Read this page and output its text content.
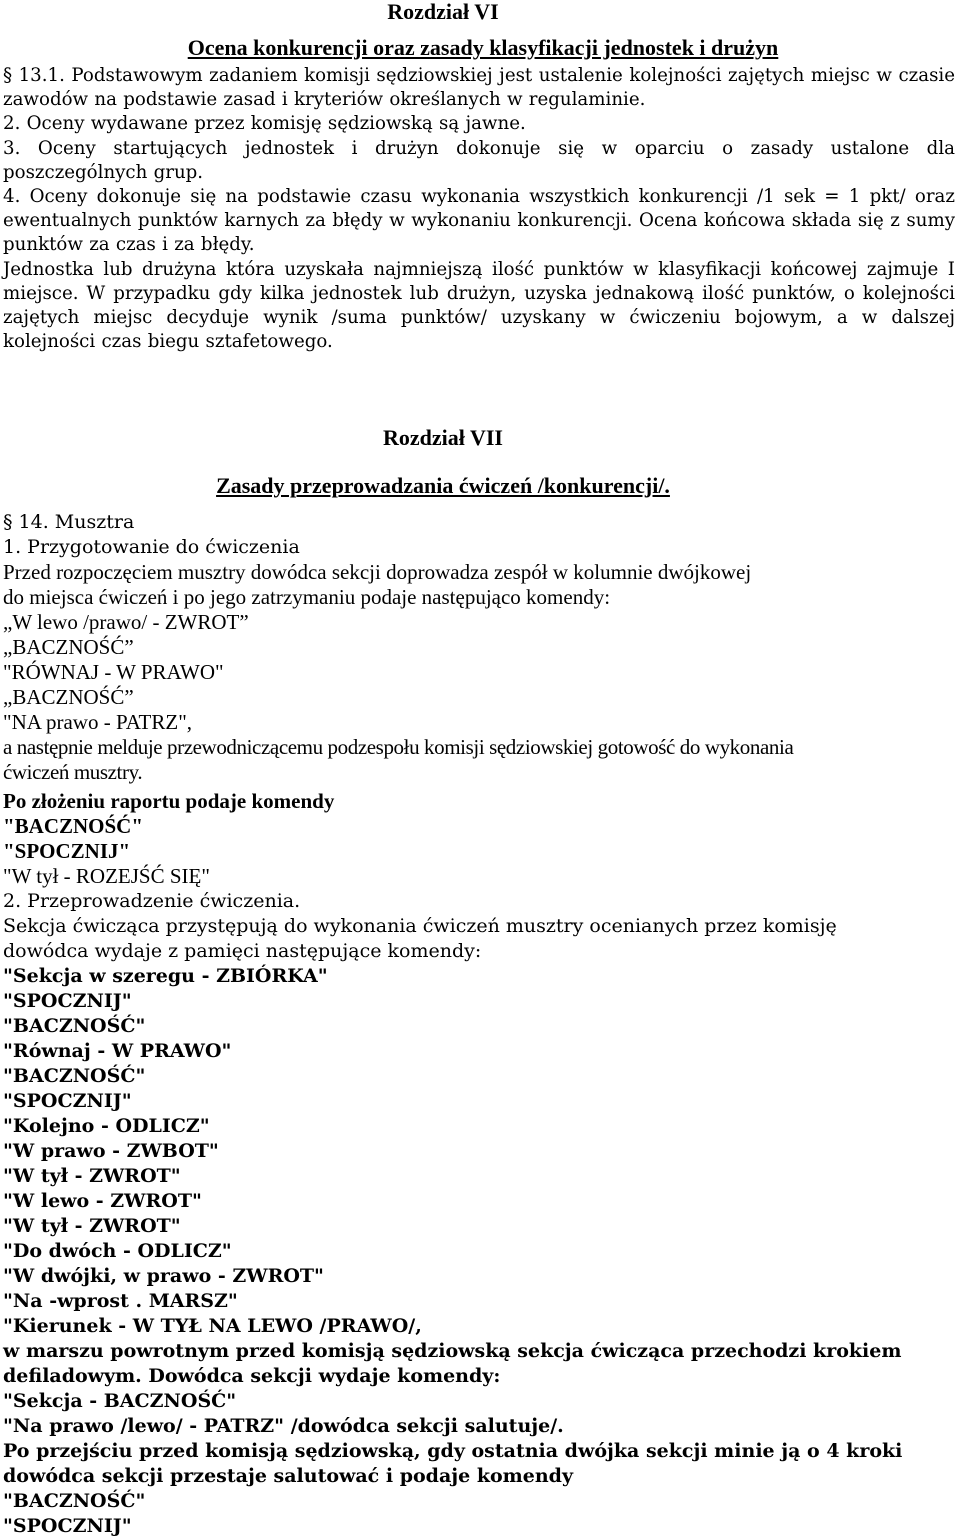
Rozdział VI
Ocena konkurencji oraz zasady klasyfikacji jednostek i drużyn
§ 13.1. Podstawowym zadaniem komisji sędziowskiej jest ustalenie kolejności zajętych miejsc w czasie zawodów na podstawie zasad i kryteriów określanych w regulaminie.
2. Oceny wydawane przez komisję sędziowską są jawne.
3. Oceny startujących jednostek i drużyn dokonuje się w oparciu o zasady ustalone dla poszczególnych grup.
4. Oceny dokonuje się na podstawie czasu wykonania wszystkich konkurencji /1 sek = 1 pkt/ oraz ewentualnych punktów karnych za błędy w wykonaniu konkurencji. Ocena końcowa składa się z sumy punktów za czas i za błędy.
Jednostka lub drużyna która uzyskała najmniejszą ilość punktów w klasyfikacji końcowej zajmuje I miejsce. W przypadku gdy kilka jednostek lub drużyn, uzyska jednakową ilość punktów, o kolejności zajętych miejsc decyduje wynik /suma punktów/ uzyskany w ćwiczeniu bojowym, a w dalszej kolejności czas biegu sztafetowego.
Rozdział VII
Zasady przeprowadzania ćwiczeń /konkurencji/.
§ 14. Musztra
1. Przygotowanie do ćwiczenia
Przed rozpoczęciem musztry dowódca sekcji doprowadza zespół w kolumnie dwójkowej
do miejsca ćwiczeń i po jego zatrzymaniu podaje następująco komendy:
„W lewo /prawo/ - ZWROT”
„BACZNOŚĆ”
"RÓWNAJ - W PRAWO"
„BACZNOŚĆ”
"NA prawo - PATRZ",
a następnie melduje przewodniczącemu podzespołu komisji sędziowskiej gotowość do wykonania
ćwiczeń musztry.
Po złożeniu raportu podaje komendy
"BACZNOŚĆ"
"SPOCZNIJ"
"W tył - ROZEJŚĆ SIĘ"
2. Przeprowadzenie ćwiczenia.
Sekcja ćwicząca przystępują do wykonania ćwiczeń musztry ocenianych przez komisję
dowódca wydaje z pamięci następujące komendy:
"Sekcja w szeregu - ZBIÓRKA"
"SPOCZNIJ"
"BACZNOŚĆ"
"Równaj - W PRAWO"
"BACZNOŚĆ"
"SPOCZNIJ"
"Kolejno - ODLICZ"
"W prawo - ZWBOT"
"W tył - ZWROT"
"W lewo - ZWROT"
"W tył - ZWROT"
"Do dwóch - ODLICZ"
"W dwójki, w prawo - ZWROT"
"Na -wprost . MARSZ"
"Kierunek - W TYŁ NA LEWO /PRAWO/,
w marszu powrotnym przed komisją sędziowską sekcja ćwicząca przechodzi krokiem
defiladowym. Dowódca sekcji wydaje komendy:
"Sekcja - BACZNOŚĆ"
"Na prawo /lewo/ - PATRZ" /dowódca sekcji salutuje/.
Po przejściu przed komisją sędziowską, gdy ostatnia dwójka sekcji minie ją o 4 kroki
dowódca sekcji przestaje salutować i podaje komendy
"BACZNOŚĆ"
"SPOCZNIJ"
